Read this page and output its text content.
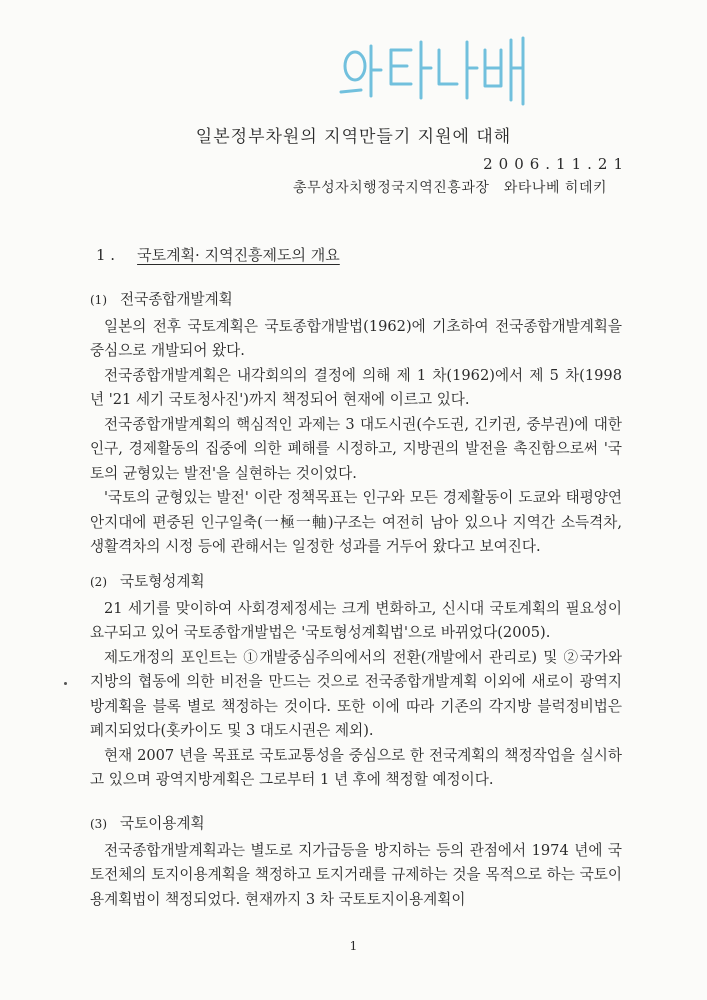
일본정부차원의 지역만들기 지원에 대해
2006.11.21
총무성자치행정국지역진흥과장　와타나베 히데키
1 . 국토계획· 지역진흥제도의 개요
(1) 전국종합개발계획

일본의 전후 국토계획은 국토종합개발법(1962)에 기초하여 전국종합개발계획을 중심으로 개발되어 왔다.

전국종합개발계획은 내각회의의 결정에 의해 제 1 차(1962)에서 제 5 차(1998 년 '21 세기 국토청사진')까지 책정되어 현재에 이르고 있다.

전국종합개발계획의 핵심적인 과제는 3 대도시권(수도권, 긴키권, 중부권)에 대한 인구, 경제활동의 집중에 의한 폐해를 시정하고, 지방권의 발전을 촉진함으로써 '국토의 균형있는 발전'을 실현하는 것이었다.

'국토의 균형있는 발전' 이란 정책목표는 인구와 모든 경제활동이 도쿄와 태평양연안지대에 편중된 인구일축(一極一軸)구조는 여전히 남아 있으나 지역간 소득격차, 생활격차의 시정 등에 관해서는 일정한 성과를 거두어 왔다고 보여진다.

(2) 국토형성계획

21 세기를 맞이하여 사회경제정세는 크게 변화하고, 신시대 국토계획의 필요성이 요구되고 있어 국토종합개발법은 '국토형성계획법'으로 바뀌었다(2005).

제도개정의 포인트는 ①개발중심주의에서의 전환(개발에서 관리로) 및 ②국가와 지방의 협동에 의한 비전을 만드는 것으로 전국종합개발계획 이외에 새로이 광역지방계획을 블록 별로 책정하는 것이다. 또한 이에 따라 기존의 각지방 블럭정비법은 폐지되었다(홋카이도 및 3 대도시권은 제외).

현재 2007 년을 목표로 국토교통성을 중심으로 한 전국계획의 책정작업을 실시하고 있으며 광역지방계획은 그로부터 1 년 후에 책정할 예정이다.

(3) 국토이용계획

전국종합개발계획과는 별도로 지가급등을 방지하는 등의 관점에서 1974 년에 국토전체의 토지이용계획을 책정하고 토지거래를 규제하는 것을 목적으로 하는 국토이용계획법이 책정되었다. 현재까지 3 차 국토토지이용계획이

1
